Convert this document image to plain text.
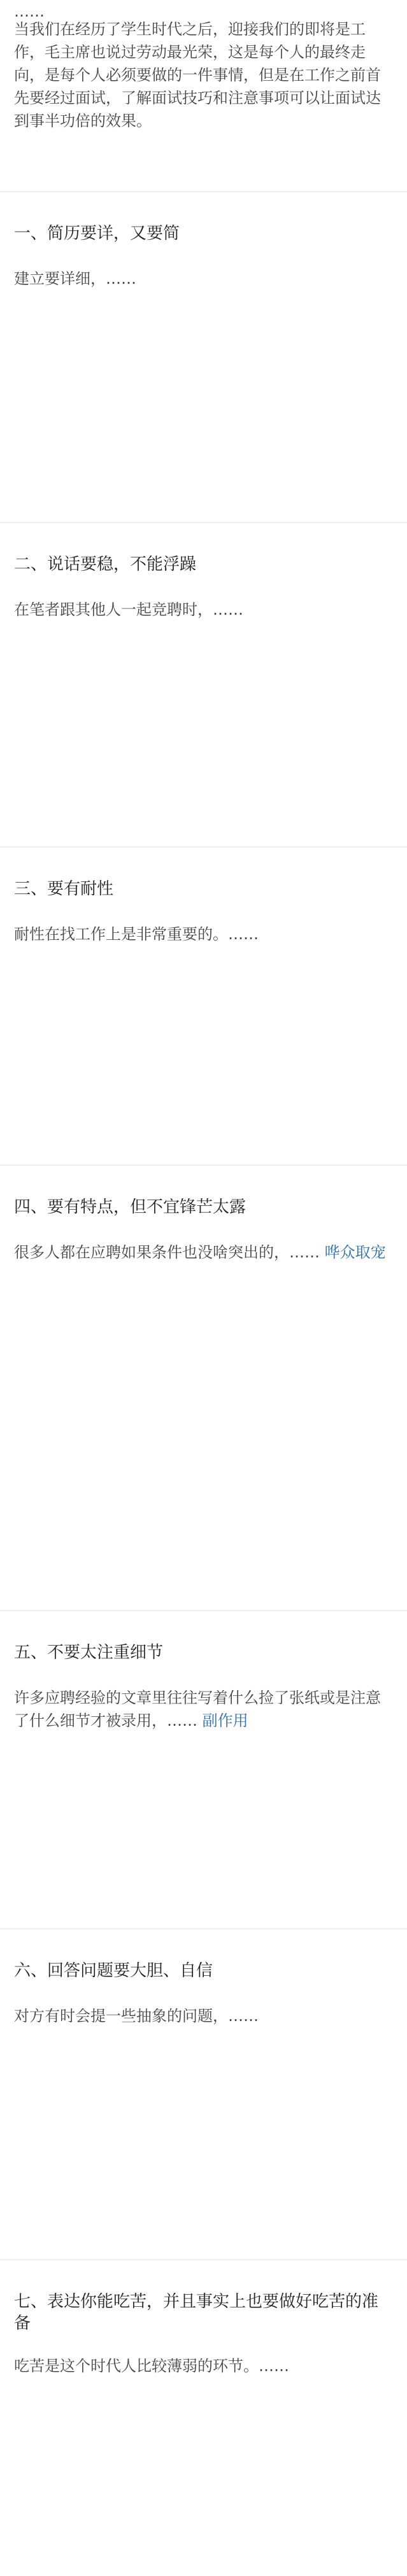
……
当我们在经历了学生时代之后，迎接我们的即将是工作，毛主席也说过劳动最光荣，这是每个人的最终走向，是每个人必须要做的一件事情，但是在工作之前首先要经过面试，了解面试技巧和注意事项可以让面试达到事半功倍的效果。
一、简历要详，又要简
建立要详细，……
二、说话要稳，不能浮躁
在笔者跟其他人一起竞聘时，……
三、要有耐性
耐性在找工作上是非常重要的。……
四、要有特点，但不宜锋芒太露
很多人都在应聘如果条件也没啥突出的，…… 哗众取宠
五、不要太注重细节
许多应聘经验的文章里往往写着什么捡了张纸或是注意了什么细节才被录用，…… 副作用
六、回答问题要大胆、自信
对方有时会提一些抽象的问题，……
七、表达你能吃苦，并且事实上也要做好吃苦的准备
吃苦是这个时代人比较薄弱的环节。……
